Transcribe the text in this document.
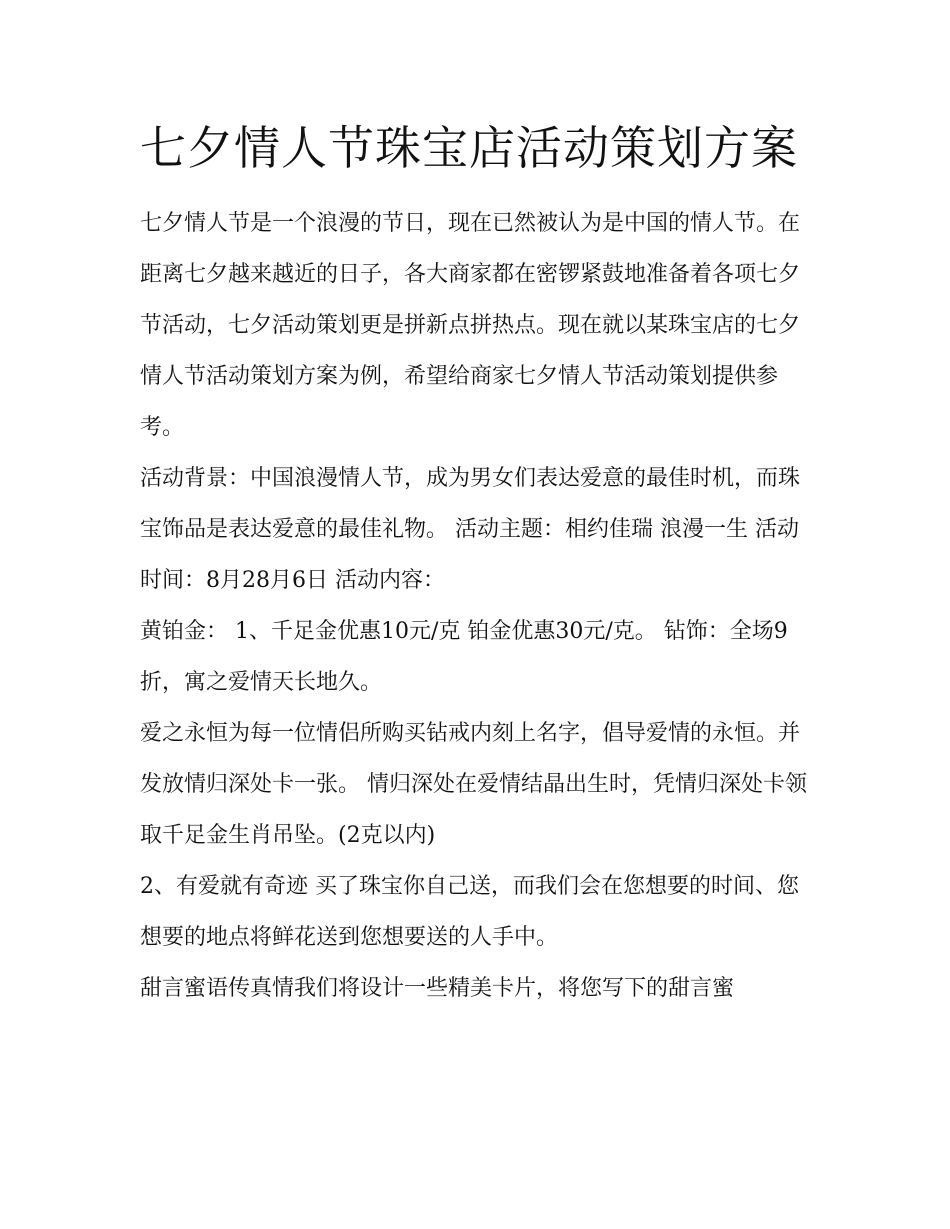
七夕情人节珠宝店活动策划方案

七夕情人节是一个浪漫的节日，现在已然被认为是中国的情人节。在距离七夕越来越近的日子，各大商家都在密锣紧鼓地准备着各项七夕节活动，七夕活动策划更是拼新点拼热点。现在就以某珠宝店的七夕情人节活动策划方案为例，希望给商家七夕情人节活动策划提供参考。

活动背景：中国浪漫情人节，成为男女们表达爱意的最佳时机，而珠宝饰品是表达爱意的最佳礼物。 活动主题：相约佳瑞 浪漫一生 活动时间：8月28月6日 活动内容：

黄铂金： 1、千足金优惠10元/克 铂金优惠30元/克。 钻饰：全场9折，寓之爱情天长地久。

爱之永恒为每一位情侣所购买钻戒内刻上名字，倡导爱情的永恒。并发放情归深处卡一张。 情归深处在爱情结晶出生时，凭情归深处卡领取千足金生肖吊坠。(2克以内)

2、有爱就有奇迹 买了珠宝你自己送，而我们会在您想要的时间、您想要的地点将鲜花送到您想要送的人手中。

甜言蜜语传真情我们将设计一些精美卡片，将您写下的甜言蜜
